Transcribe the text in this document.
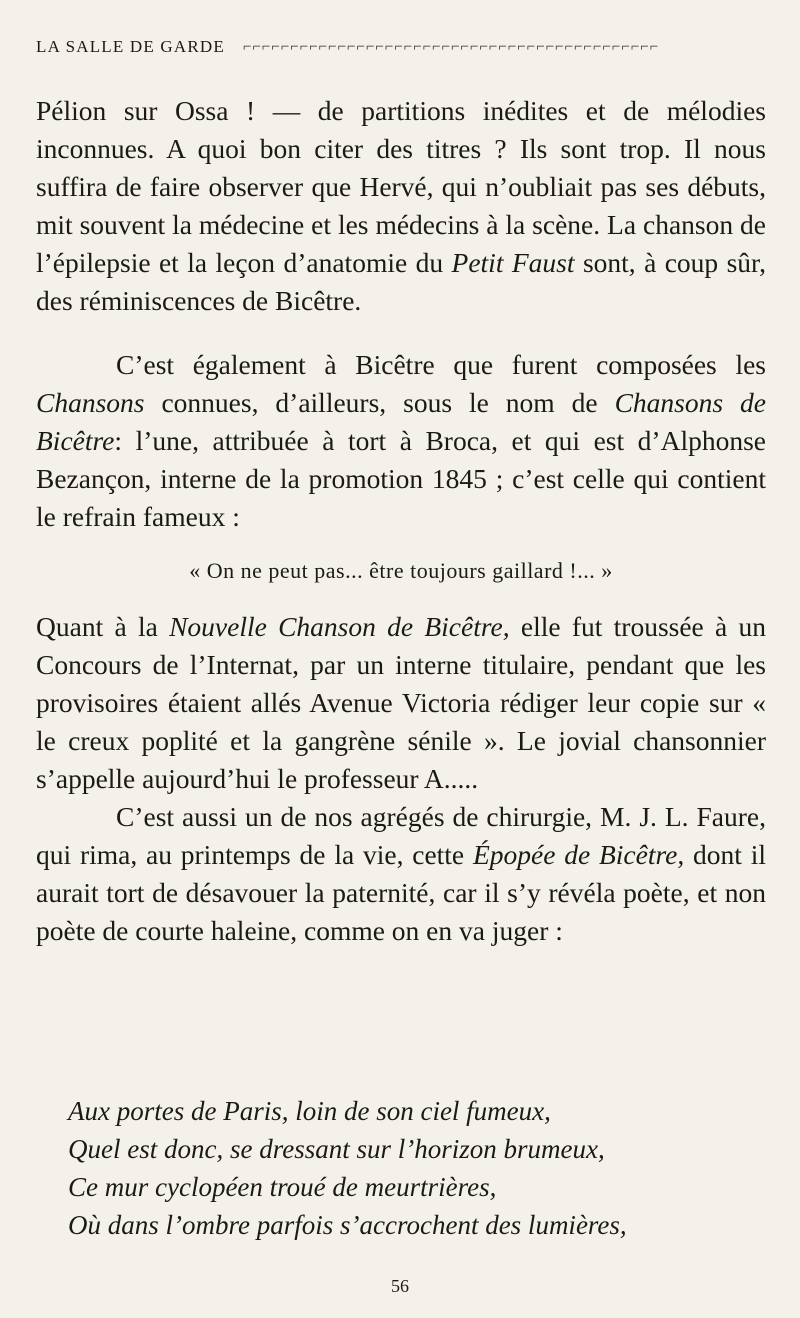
LA SALLE DE GARDE ⌐⌐⌐⌐⌐⌐⌐⌐⌐⌐⌐⌐⌐⌐⌐⌐⌐⌐⌐⌐⌐⌐⌐⌐⌐⌐⌐⌐⌐⌐⌐⌐⌐⌐⌐⌐⌐⌐⌐⌐⌐⌐⌐⌐

Pélion sur Ossa ! — de partitions inédites et de mélodies inconnues. A quoi bon citer des titres ? Ils sont trop. Il nous suffira de faire observer que Hervé, qui n’oubliait pas ses débuts, mit souvent la médecine et les médecins à la scène. La chanson de l’épilepsie et la leçon d’anatomie du Petit Faust sont, à coup sûr, des réminiscences de Bicêtre.

C’est également à Bicêtre que furent composées les Chansons connues, d’ailleurs, sous le nom de Chansons de Bicêtre: l’une, attribuée à tort à Broca, et qui est d’Alphonse Bezançon, interne de la promotion 1845 ; c’est celle qui contient le refrain fameux :

« On ne peut pas... être toujours gaillard !... »

Quant à la Nouvelle Chanson de Bicêtre, elle fut troussée à un Concours de l’Internat, par un interne titulaire, pendant que les provisoires étaient allés Avenue Victoria rédiger leur copie sur « le creux poplité et la gangrène sénile ». Le jovial chansonnier s’appelle aujourd’hui le professeur A.....

C’est aussi un de nos agrégés de chirurgie, M. J. L. Faure, qui rima, au printemps de la vie, cette Épopée de Bicêtre, dont il aurait tort de désavouer la paternité, car il s’y révéla poète, et non poète de courte haleine, comme on en va juger :

Aux portes de Paris, loin de son ciel fumeux,
Quel est donc, se dressant sur l’horizon brumeux,
Ce mur cyclopéen troué de meurtrières,
Où dans l’ombre parfois s’accrochent des lumières,
56
